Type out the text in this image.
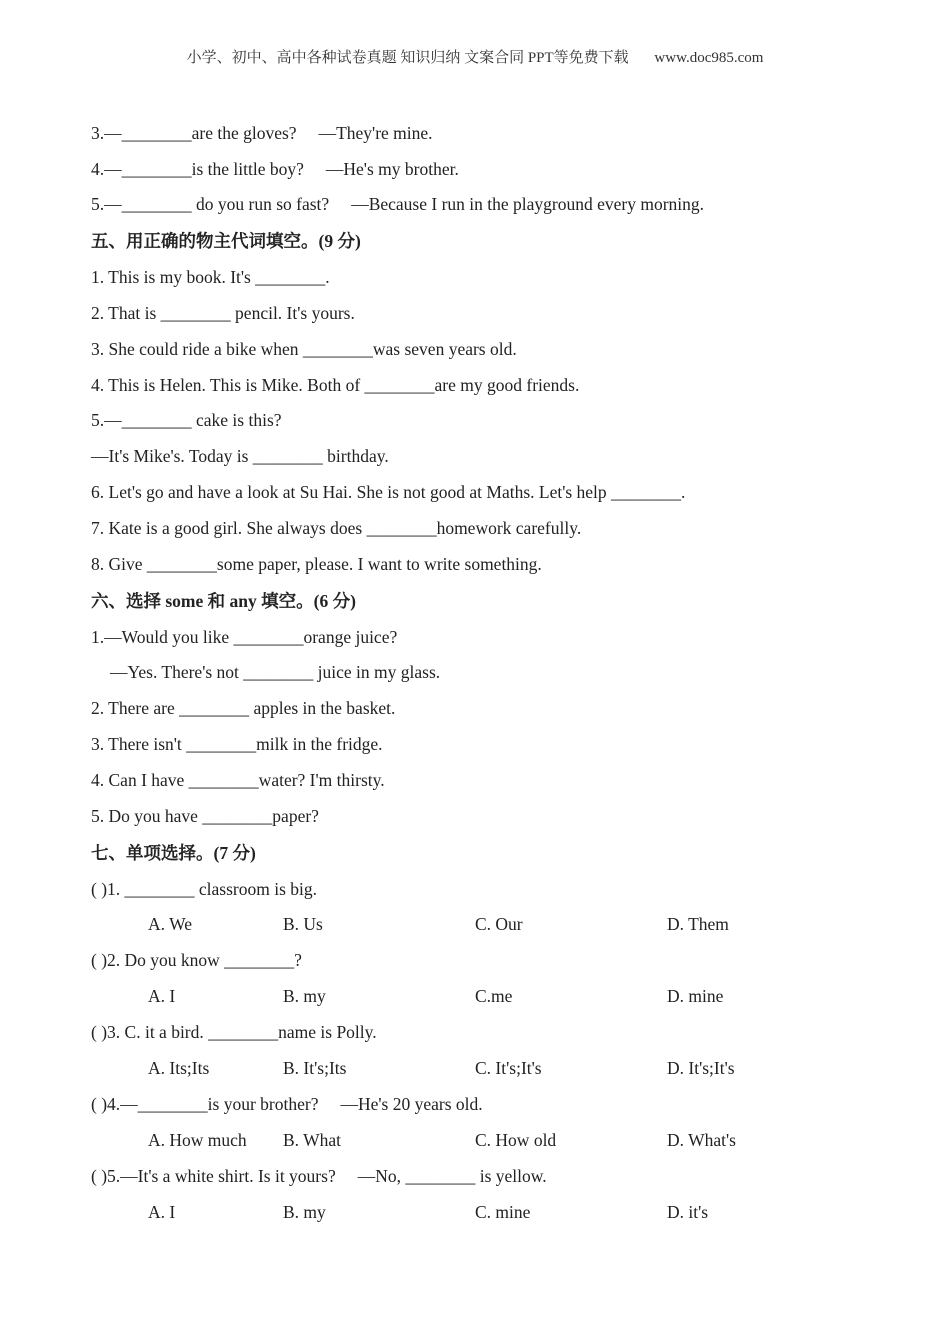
小学、初中、高中各种试卷真题 知识归纳 文案合同 PPT等免费下载 www.doc985.com
3.—________are the gloves? —They're mine.
4.—________is the little boy? —He's my brother.
5.—________ do you run so fast? —Because I run in the playground every morning.
五、用正确的物主代词填空。(9 分)
1. This is my book. It's ________.
2. That is ________ pencil. It's yours.
3. She could ride a bike when ________was seven years old.
4. This is Helen. This is Mike. Both of ________are my good friends.
5.—________ cake is this?
—It's Mike's. Today is ________ birthday.
6. Let's go and have a look at Su Hai. She is not good at Maths. Let's help ________.
7. Kate is a good girl. She always does ________homework carefully.
8. Give ________some paper, please. I want to write something.
六、选择 some 和 any 填空。(6 分)
1.—Would you like ________orange juice?
—Yes. There's not ________ juice in my glass.
2. There are ________ apples in the basket.
3. There isn't ________milk in the fridge.
4. Can I have ________water? I'm thirsty.
5. Do you have ________paper?
七、单项选择。(7 分)
( )1. ________ classroom is big.
A. We	B. Us	C. Our	D. Them
( )2. Do you know ________?
A. I	B. my	C.me	D. mine
( )3. C. it a bird. ________name is Polly.
A. Its;Its	B. It's;Its	C. It's;It's	D. It's;It's
( )4.—________is your brother? —He's 20 years old.
A. How much B. What	C. How old	D. What's
( )5.—It's a white shirt. Is it yours? —No, ________ is yellow.
A. I	B. my	C. mine	D. it's
